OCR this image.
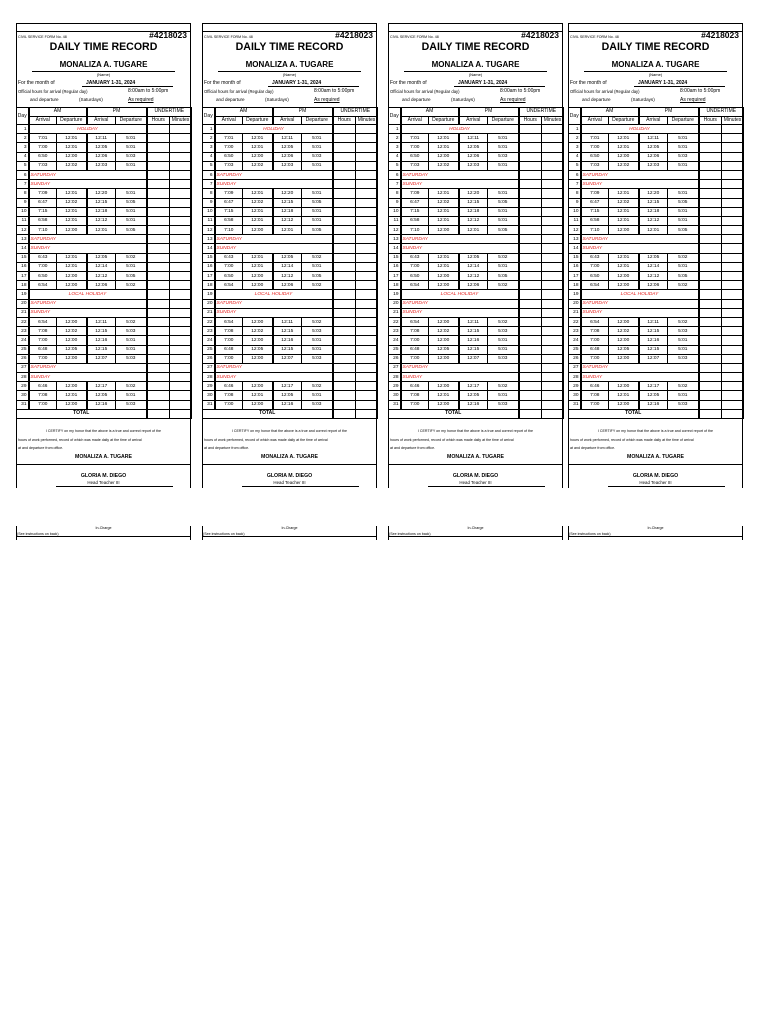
CIVIL SERVICE FORM No. 48	#4218023
DAILY TIME RECORD
MONALIZA A. TUGARE
(Name)
For the month of	JANUARY 1-31, 2024
Official hours for arrival (Regular day)	8:00am to 5:00pm
and departure	(Saturdays)	As required
Day	AM		PM		UNDERTIME	
	Arrival	Departure	Arrival	Departure	Hours	Minutes
1	HOLIDAY					
2	7:01	12:01	12:11	5:01		
3	7:00	12:01	12:05	5:01		
4	6:50	12:00	12:06	5:03		
5	7:03	12:02	12:03	5:01		
6	SATURDAY					
7	SUNDAY					
8	7:09	12:01	12:20	5:01		
9	6:47	12:02	12:15	5:05		
10	7:15	12:01	12:18	5:01		
11	6:58	12:01	12:12	5:01		
12	7:10	12:00	12:01	5:05		
13	SATURDAY					
14	SUNDAY					
15	6:43	12:01	12:05	5:02		
16	7:00	12:01	12:14	5:01		
17	6:50	12:00	12:12	5:05		
18	6:54	12:00	12:06	5:02		
19	LOCAL HOLIDAY					
20	SATURDAY					
21	SUNDAY					
22	6:54	12:00	12:11	5:02		
23	7:08	12:02	12:15	5:03		
24	7:00	12:00	12:16	5:01		
25	6:48	12:05	12:15	5:01		
26	7:00	12:00	12:07	5:03		
27	SATURDAY					
28	SUNDAY					
29	6:46	12:00	12:17	5:02		
30	7:08	12:01	12:05	5:01		
31	7:00	12:00	12:16	5:03		
TOTAL						

I CERTIFY on my honor that the above is a true and correct report of the

hours of work performed, record of which was made daily at the time of arrival

at and departure from office.

MONALIZA A. TUGARE
GLORIA M. DIEGO
Head Teacher III
In-Charge
(See instructions on back)
CIVIL SERVICE FORM No. 48	#4218023
DAILY TIME RECORD
MONALIZA A. TUGARE
(Name)
For the month of	JANUARY 1-31, 2024
Official hours for arrival (Regular day)	8:00am to 5:00pm
and departure	(Saturdays)	As required
Day	AM		PM		UNDERTIME	
	Arrival	Departure	Arrival	Departure	Hours	Minutes
1	HOLIDAY					
2	7:01	12:01	12:11	5:01		
3	7:00	12:01	12:05	5:01		
4	6:50	12:00	12:06	5:03		
5	7:03	12:02	12:03	5:01		
6	SATURDAY					
7	SUNDAY					
8	7:09	12:01	12:20	5:01		
9	6:47	12:02	12:15	5:05		
10	7:15	12:01	12:18	5:01		
11	6:58	12:01	12:12	5:01		
12	7:10	12:00	12:01	5:05		
13	SATURDAY					
14	SUNDAY					
15	6:43	12:01	12:05	5:02		
16	7:00	12:01	12:14	5:01		
17	6:50	12:00	12:12	5:05		
18	6:54	12:00	12:06	5:02		
19	LOCAL HOLIDAY					
20	SATURDAY					
21	SUNDAY					
22	6:54	12:00	12:11	5:02		
23	7:08	12:02	12:15	5:03		
24	7:00	12:00	12:16	5:01		
25	6:48	12:05	12:15	5:01		
26	7:00	12:00	12:07	5:03		
27	SATURDAY					
28	SUNDAY					
29	6:46	12:00	12:17	5:02		
30	7:08	12:01	12:05	5:01		
31	7:00	12:00	12:16	5:03		
TOTAL						

I CERTIFY on my honor that the above is a true and correct report of the

hours of work performed, record of which was made daily at the time of arrival

at and departure from office.

MONALIZA A. TUGARE
GLORIA M. DIEGO
Head Teacher III
In-Charge
(See instructions on back)
CIVIL SERVICE FORM No. 48	#4218023
DAILY TIME RECORD
MONALIZA A. TUGARE
(Name)
For the month of	JANUARY 1-31, 2024
Official hours for arrival (Regular day)	8:00am to 5:00pm
and departure	(Saturdays)	As required
Day	AM		PM		UNDERTIME	
	Arrival	Departure	Arrival	Departure	Hours	Minutes
1	HOLIDAY					
2	7:01	12:01	12:11	5:01		
3	7:00	12:01	12:05	5:01		
4	6:50	12:00	12:06	5:03		
5	7:03	12:02	12:03	5:01		
6	SATURDAY					
7	SUNDAY					
8	7:09	12:01	12:20	5:01		
9	6:47	12:02	12:15	5:05		
10	7:15	12:01	12:18	5:01		
11	6:58	12:01	12:12	5:01		
12	7:10	12:00	12:01	5:05		
13	SATURDAY					
14	SUNDAY					
15	6:43	12:01	12:05	5:02		
16	7:00	12:01	12:14	5:01		
17	6:50	12:00	12:12	5:05		
18	6:54	12:00	12:06	5:02		
19	LOCAL HOLIDAY					
20	SATURDAY					
21	SUNDAY					
22	6:54	12:00	12:11	5:02		
23	7:08	12:02	12:15	5:03		
24	7:00	12:00	12:16	5:01		
25	6:48	12:05	12:15	5:01		
26	7:00	12:00	12:07	5:03		
27	SATURDAY					
28	SUNDAY					
29	6:46	12:00	12:17	5:02		
30	7:08	12:01	12:05	5:01		
31	7:00	12:00	12:16	5:03		
TOTAL						

I CERTIFY on my honor that the above is a true and correct report of the

hours of work performed, record of which was made daily at the time of arrival

at and departure from office.

MONALIZA A. TUGARE
GLORIA M. DIEGO
Head Teacher III
In-Charge
(See instructions on back)
CIVIL SERVICE FORM No. 48	#4218023
DAILY TIME RECORD
MONALIZA A. TUGARE
(Name)
For the month of	JANUARY 1-31, 2024
Official hours for arrival (Regular day)	8:00am to 5:00pm
and departure	(Saturdays)	As required
Day	AM		PM		UNDERTIME	
	Arrival	Departure	Arrival	Departure	Hours	Minutes
1	HOLIDAY					
2	7:01	12:01	12:11	5:01		
3	7:00	12:01	12:05	5:01		
4	6:50	12:00	12:06	5:03		
5	7:03	12:02	12:03	5:01		
6	SATURDAY					
7	SUNDAY					
8	7:09	12:01	12:20	5:01		
9	6:47	12:02	12:15	5:05		
10	7:15	12:01	12:18	5:01		
11	6:58	12:01	12:12	5:01		
12	7:10	12:00	12:01	5:05		
13	SATURDAY					
14	SUNDAY					
15	6:43	12:01	12:05	5:02		
16	7:00	12:01	12:14	5:01		
17	6:50	12:00	12:12	5:05		
18	6:54	12:00	12:06	5:02		
19	LOCAL HOLIDAY					
20	SATURDAY					
21	SUNDAY					
22	6:54	12:00	12:11	5:02		
23	7:08	12:02	12:15	5:03		
24	7:00	12:00	12:16	5:01		
25	6:48	12:05	12:15	5:01		
26	7:00	12:00	12:07	5:03		
27	SATURDAY					
28	SUNDAY					
29	6:46	12:00	12:17	5:02		
30	7:08	12:01	12:05	5:01		
31	7:00	12:00	12:16	5:03		
TOTAL						

I CERTIFY on my honor that the above is a true and correct report of the

hours of work performed, record of which was made daily at the time of arrival

at and departure from office.

MONALIZA A. TUGARE
GLORIA M. DIEGO
Head Teacher III
In-Charge
(See instructions on back)
